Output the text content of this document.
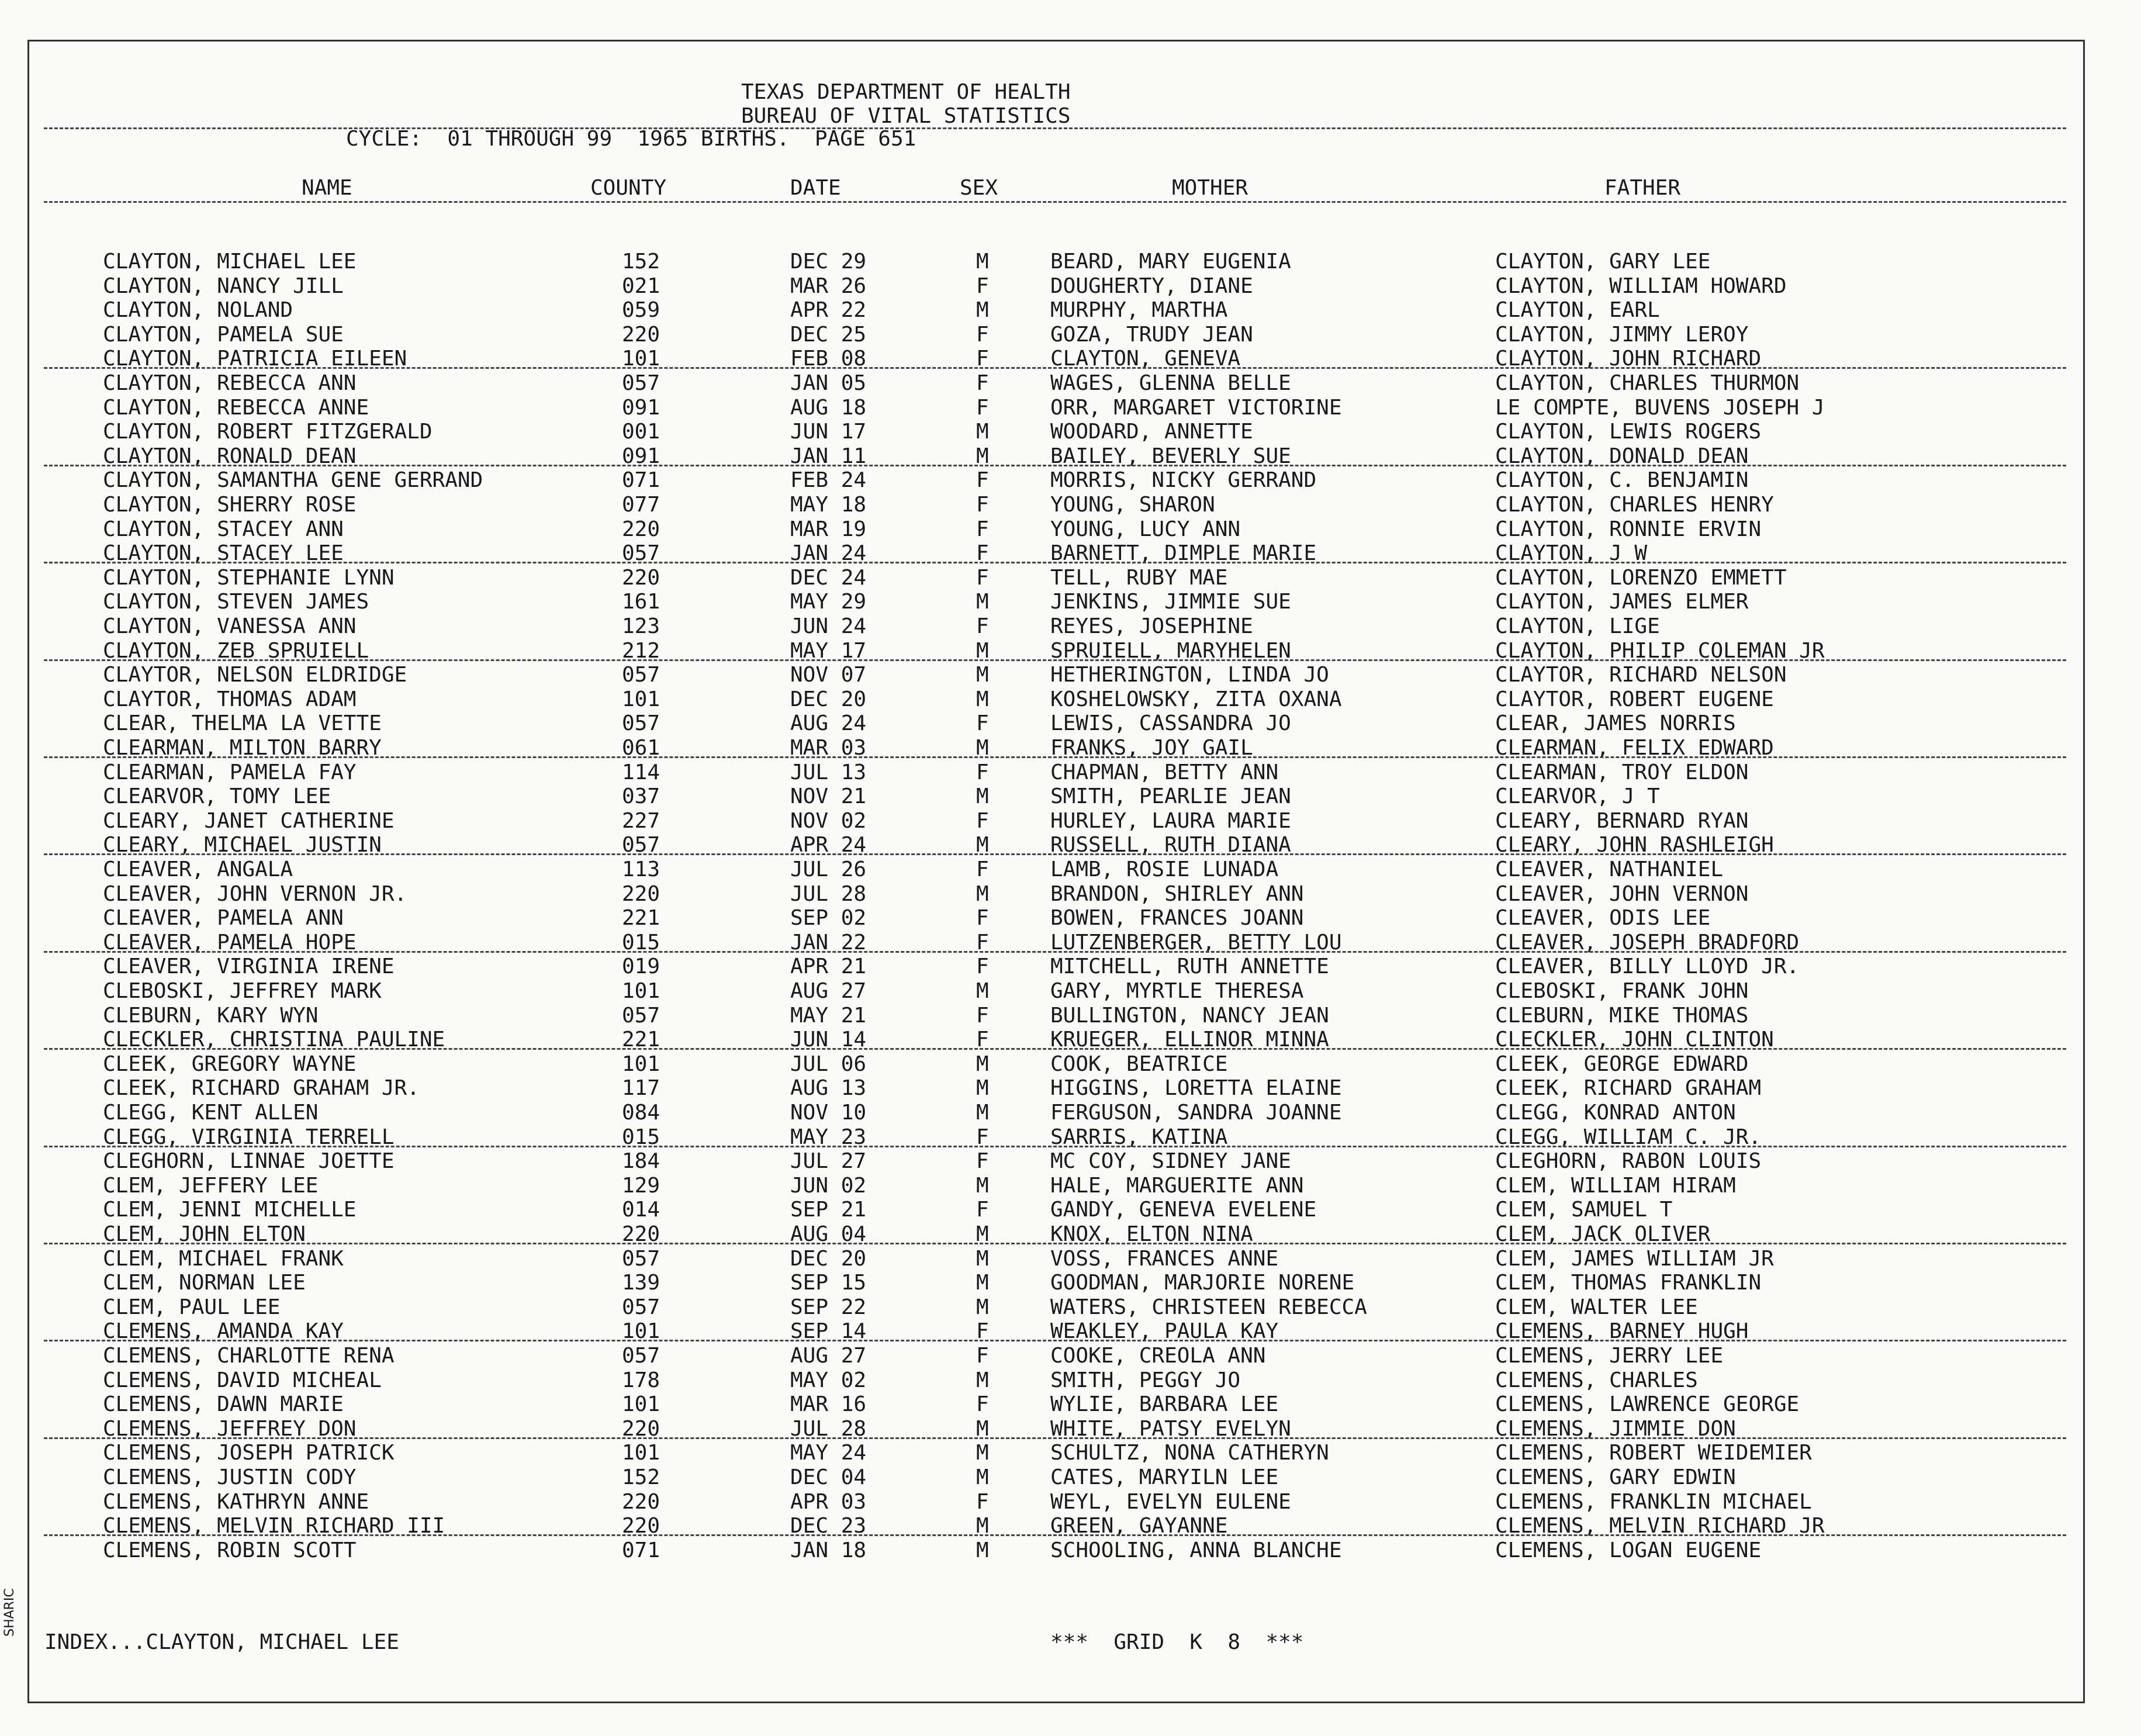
TEXAS DEPARTMENT OF HEALTH
BUREAU OF VITAL STATISTICS
CYCLE:  01 THROUGH 99  1965 BIRTHS.  PAGE 651
NAME	COUNTY	DATE	SEX	MOTHER	FATHER
CLAYTON, MICHAEL LEE	152	DEC 29	M	BEARD, MARY EUGENIA	CLAYTON, GARY LEE
CLAYTON, NANCY JILL	021	MAR 26	F	DOUGHERTY, DIANE	CLAYTON, WILLIAM HOWARD
CLAYTON, NOLAND	059	APR 22	M	MURPHY, MARTHA	CLAYTON, EARL
CLAYTON, PAMELA SUE	220	DEC 25	F	GOZA, TRUDY JEAN	CLAYTON, JIMMY LEROY
CLAYTON, PATRICIA EILEEN	101	FEB 08	F	CLAYTON, GENEVA	CLAYTON, JOHN RICHARD
CLAYTON, REBECCA ANN	057	JAN 05	F	WAGES, GLENNA BELLE	CLAYTON, CHARLES THURMON
CLAYTON, REBECCA ANNE	091	AUG 18	F	ORR, MARGARET VICTORINE	LE COMPTE, BUVENS JOSEPH J
CLAYTON, ROBERT FITZGERALD	001	JUN 17	M	WOODARD, ANNETTE	CLAYTON, LEWIS ROGERS
CLAYTON, RONALD DEAN	091	JAN 11	M	BAILEY, BEVERLY SUE	CLAYTON, DONALD DEAN
CLAYTON, SAMANTHA GENE GERRAND	071	FEB 24	F	MORRIS, NICKY GERRAND	CLAYTON, C. BENJAMIN
CLAYTON, SHERRY ROSE	077	MAY 18	F	YOUNG, SHARON	CLAYTON, CHARLES HENRY
CLAYTON, STACEY ANN	220	MAR 19	F	YOUNG, LUCY ANN	CLAYTON, RONNIE ERVIN
CLAYTON, STACEY LEE	057	JAN 24	F	BARNETT, DIMPLE MARIE	CLAYTON, J W
CLAYTON, STEPHANIE LYNN	220	DEC 24	F	TELL, RUBY MAE	CLAYTON, LORENZO EMMETT
CLAYTON, STEVEN JAMES	161	MAY 29	M	JENKINS, JIMMIE SUE	CLAYTON, JAMES ELMER
CLAYTON, VANESSA ANN	123	JUN 24	F	REYES, JOSEPHINE	CLAYTON, LIGE
CLAYTON, ZEB SPRUIELL	212	MAY 17	M	SPRUIELL, MARYHELEN	CLAYTON, PHILIP COLEMAN JR
CLAYTOR, NELSON ELDRIDGE	057	NOV 07	M	HETHERINGTON, LINDA JO	CLAYTOR, RICHARD NELSON
CLAYTOR, THOMAS ADAM	101	DEC 20	M	KOSHELOWSKY, ZITA OXANA	CLAYTOR, ROBERT EUGENE
CLEAR, THELMA LA VETTE	057	AUG 24	F	LEWIS, CASSANDRA JO	CLEAR, JAMES NORRIS
CLEARMAN, MILTON BARRY	061	MAR 03	M	FRANKS, JOY GAIL	CLEARMAN, FELIX EDWARD
CLEARMAN, PAMELA FAY	114	JUL 13	F	CHAPMAN, BETTY ANN	CLEARMAN, TROY ELDON
CLEARVOR, TOMY LEE	037	NOV 21	M	SMITH, PEARLIE JEAN	CLEARVOR, J T
CLEARY, JANET CATHERINE	227	NOV 02	F	HURLEY, LAURA MARIE	CLEARY, BERNARD RYAN
CLEARY, MICHAEL JUSTIN	057	APR 24	M	RUSSELL, RUTH DIANA	CLEARY, JOHN RASHLEIGH
CLEAVER, ANGALA	113	JUL 26	F	LAMB, ROSIE LUNADA	CLEAVER, NATHANIEL
CLEAVER, JOHN VERNON JR.	220	JUL 28	M	BRANDON, SHIRLEY ANN	CLEAVER, JOHN VERNON
CLEAVER, PAMELA ANN	221	SEP 02	F	BOWEN, FRANCES JOANN	CLEAVER, ODIS LEE
CLEAVER, PAMELA HOPE	015	JAN 22	F	LUTZENBERGER, BETTY LOU	CLEAVER, JOSEPH BRADFORD
CLEAVER, VIRGINIA IRENE	019	APR 21	F	MITCHELL, RUTH ANNETTE	CLEAVER, BILLY LLOYD JR.
CLEBOSKI, JEFFREY MARK	101	AUG 27	M	GARY, MYRTLE THERESA	CLEBOSKI, FRANK JOHN
CLEBURN, KARY WYN	057	MAY 21	F	BULLINGTON, NANCY JEAN	CLEBURN, MIKE THOMAS
CLECKLER, CHRISTINA PAULINE	221	JUN 14	F	KRUEGER, ELLINOR MINNA	CLECKLER, JOHN CLINTON
CLEEK, GREGORY WAYNE	101	JUL 06	M	COOK, BEATRICE	CLEEK, GEORGE EDWARD
CLEEK, RICHARD GRAHAM JR.	117	AUG 13	M	HIGGINS, LORETTA ELAINE	CLEEK, RICHARD GRAHAM
CLEGG, KENT ALLEN	084	NOV 10	M	FERGUSON, SANDRA JOANNE	CLEGG, KONRAD ANTON
CLEGG, VIRGINIA TERRELL	015	MAY 23	F	SARRIS, KATINA	CLEGG, WILLIAM C. JR.
CLEGHORN, LINNAE JOETTE	184	JUL 27	F	MC COY, SIDNEY JANE	CLEGHORN, RABON LOUIS
CLEM, JEFFERY LEE	129	JUN 02	M	HALE, MARGUERITE ANN	CLEM, WILLIAM HIRAM
CLEM, JENNI MICHELLE	014	SEP 21	F	GANDY, GENEVA EVELENE	CLEM, SAMUEL T
CLEM, JOHN ELTON	220	AUG 04	M	KNOX, ELTON NINA	CLEM, JACK OLIVER
CLEM, MICHAEL FRANK	057	DEC 20	M	VOSS, FRANCES ANNE	CLEM, JAMES WILLIAM JR
CLEM, NORMAN LEE	139	SEP 15	M	GOODMAN, MARJORIE NORENE	CLEM, THOMAS FRANKLIN
CLEM, PAUL LEE	057	SEP 22	M	WATERS, CHRISTEEN REBECCA	CLEM, WALTER LEE
CLEMENS, AMANDA KAY	101	SEP 14	F	WEAKLEY, PAULA KAY	CLEMENS, BARNEY HUGH
CLEMENS, CHARLOTTE RENA	057	AUG 27	F	COOKE, CREOLA ANN	CLEMENS, JERRY LEE
CLEMENS, DAVID MICHEAL	178	MAY 02	M	SMITH, PEGGY JO	CLEMENS, CHARLES
CLEMENS, DAWN MARIE	101	MAR 16	F	WYLIE, BARBARA LEE	CLEMENS, LAWRENCE GEORGE
CLEMENS, JEFFREY DON	220	JUL 28	M	WHITE, PATSY EVELYN	CLEMENS, JIMMIE DON
CLEMENS, JOSEPH PATRICK	101	MAY 24	M	SCHULTZ, NONA CATHERYN	CLEMENS, ROBERT WEIDEMIER
CLEMENS, JUSTIN CODY	152	DEC 04	M	CATES, MARYILN LEE	CLEMENS, GARY EDWIN
CLEMENS, KATHRYN ANNE	220	APR 03	F	WEYL, EVELYN EULENE	CLEMENS, FRANKLIN MICHAEL
CLEMENS, MELVIN RICHARD III	220	DEC 23	M	GREEN, GAYANNE	CLEMENS, MELVIN RICHARD JR
CLEMENS, ROBIN SCOTT	071	JAN 18	M	SCHOOLING, ANNA BLANCHE	CLEMENS, LOGAN EUGENE
INDEX...CLAYTON, MICHAEL LEE	***  GRID  K  8  ***
SHARIC
